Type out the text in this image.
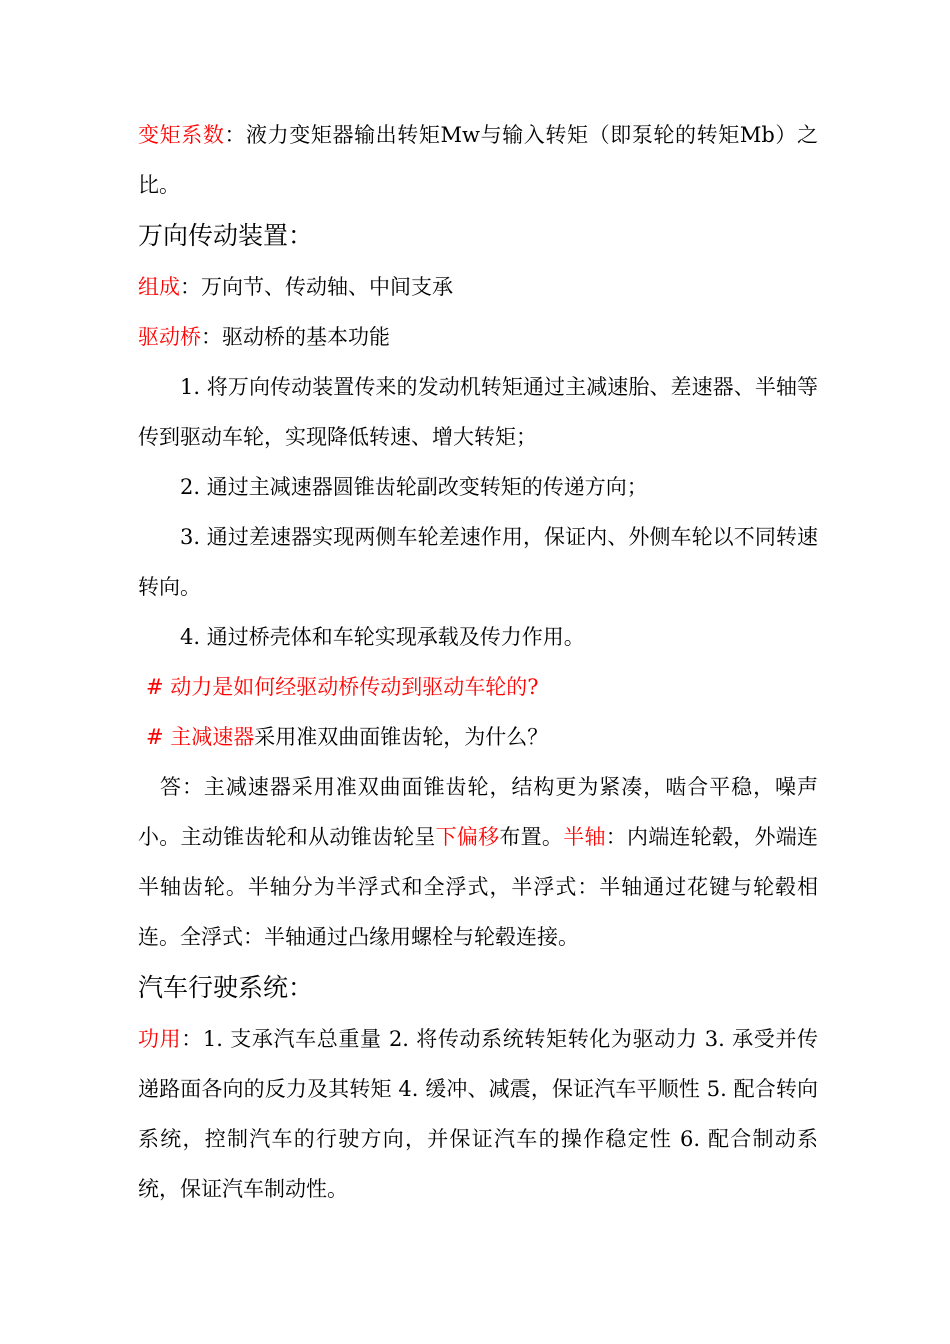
变矩系数：液力变矩器输出转矩Mw与输入转矩（即泵轮的转矩Mb）之比。

万向传动装置：

组成：万向节、传动轴、中间支承

驱动桥：驱动桥的基本功能

1. 将万向传动装置传来的发动机转矩通过主减速胎、差速器、半轴等传到驱动车轮，实现降低转速、增大转矩；

2. 通过主减速器圆锥齿轮副改变转矩的传递方向；

3. 通过差速器实现两侧车轮差速作用，保证内、外侧车轮以不同转速转向。

4. 通过桥壳体和车轮实现承载及传力作用。

# 动力是如何经驱动桥传动到驱动车轮的?

# 主减速器采用准双曲面锥齿轮，为什么？

答：主减速器采用准双曲面锥齿轮，结构更为紧凑，啮合平稳，噪声小。主动锥齿轮和从动锥齿轮呈下偏移布置。半轴：内端连轮毂，外端连半轴齿轮。半轴分为半浮式和全浮式，半浮式：半轴通过花键与轮毂相连。全浮式：半轴通过凸缘用螺栓与轮毂连接。

汽车行驶系统：

功用：1. 支承汽车总重量 2. 将传动系统转矩转化为驱动力 3. 承受并传递路面各向的反力及其转矩 4. 缓冲、减震，保证汽车平顺性 5. 配合转向系统，控制汽车的行驶方向，并保证汽车的操作稳定性 6. 配合制动系统，保证汽车制动性。
